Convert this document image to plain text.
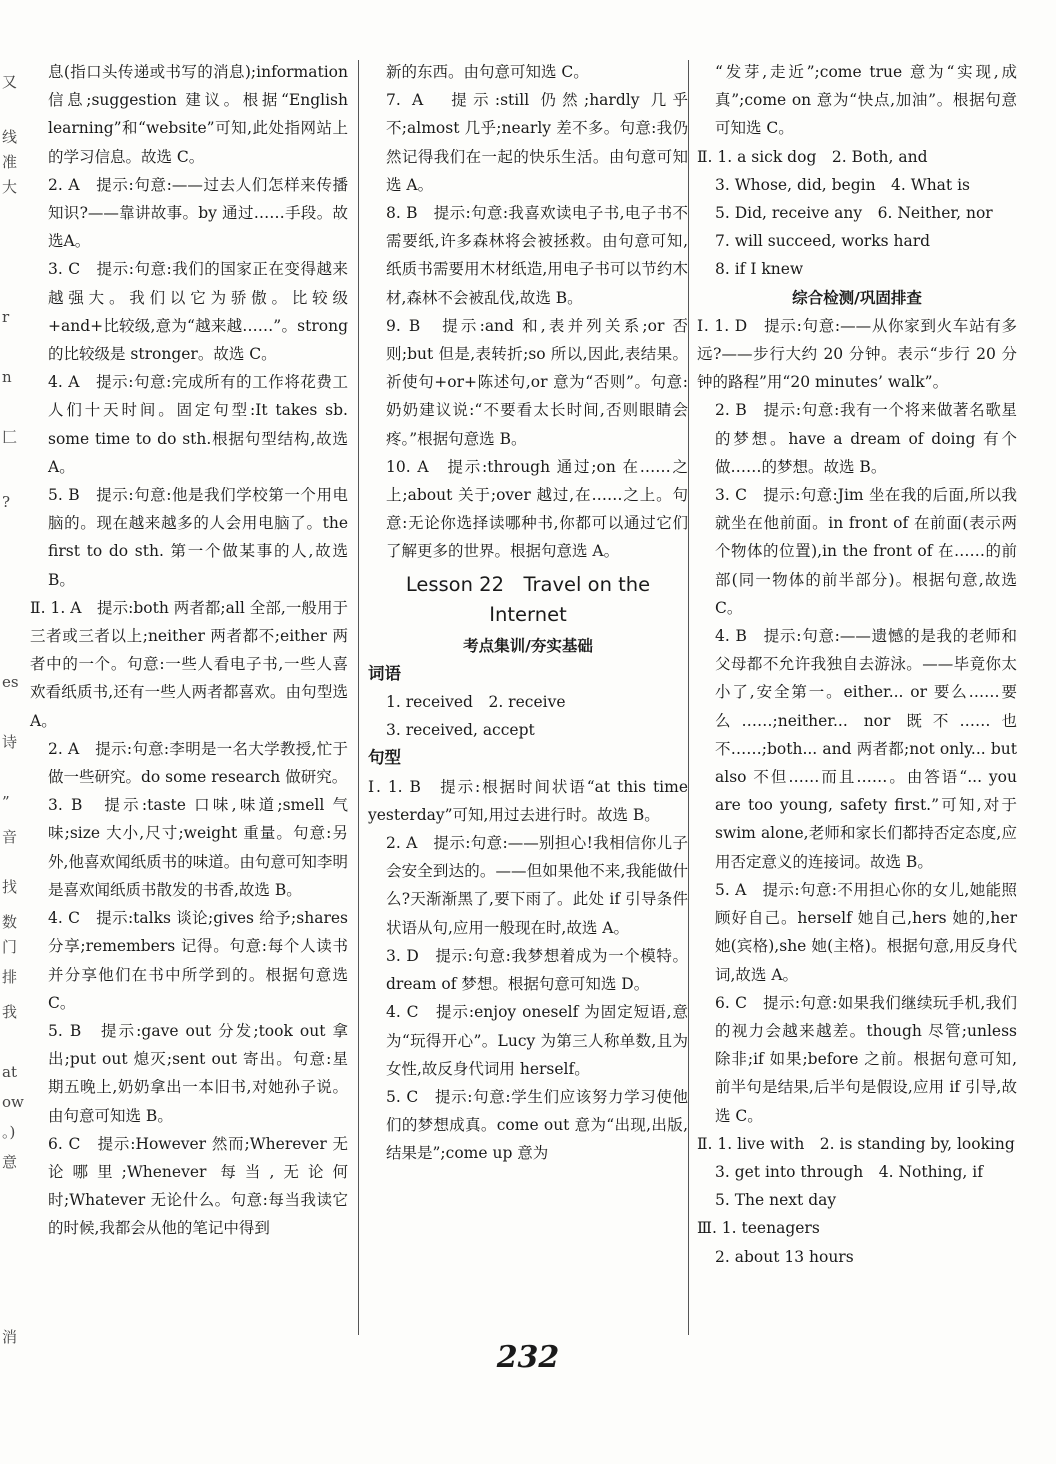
又
线
准
大
r
n
匚
?
es
诗
”
音
找
数
门
排
我
at
ow
。)
意
消

息(指口头传递或书写的消息);information 信息;suggestion 建议。根据“English learning”和“website”可知,此处指网站上的学习信息。故选 C。

2. A　提示:句意:——过去人们怎样来传播知识?——靠讲故事。by 通过……手段。故选A。

3. C　提示:句意:我们的国家正在变得越来越强大。我们以它为骄傲。比较级+and+比较级,意为“越来越……”。strong 的比较级是 stronger。故选 C。

4. A　提示:句意:完成所有的工作将花费工人们十天时间。固定句型:It takes sb. some time to do sth.根据句型结构,故选 A。

5. B　提示:句意:他是我们学校第一个用电脑的。现在越来越多的人会用电脑了。the first to do sth. 第一个做某事的人,故选 B。

Ⅱ. 1. A　提示:both 两者都;all 全部,一般用于三者或三者以上;neither 两者都不;either 两者中的一个。句意:一些人看电子书,一些人喜欢看纸质书,还有一些人两者都喜欢。由句型选 A。

2. A　提示:句意:李明是一名大学教授,忙于做一些研究。do some research 做研究。

3. B　提示:taste 口味,味道;smell 气味;size 大小,尺寸;weight 重量。句意:另外,他喜欢闻纸质书的味道。由句意可知李明是喜欢闻纸质书散发的书香,故选 B。

4. C　提示:talks 谈论;gives 给予;shares 分享;remembers 记得。句意:每个人读书并分享他们在书中所学到的。根据句意选 C。

5. B　提示:gave out 分发;took out 拿出;put out 熄灭;sent out 寄出。句意:星期五晚上,奶奶拿出一本旧书,对她孙子说。由句意可知选 B。

6. C　提示:However 然而;Wherever 无论哪里;Whenever 每当,无论何时;Whatever 无论什么。句意:每当我读它的时候,我都会从他的笔记中得到

新的东西。由句意可知选 C。

7. A　提示:still 仍然;hardly 几乎不;almost 几乎;nearly 差不多。句意:我仍然记得我们在一起的快乐生活。由句意可知选 A。

8. B　提示:句意:我喜欢读电子书,电子书不需要纸,许多森林将会被拯救。由句意可知,纸质书需要用木材纸造,用电子书可以节约木材,森林不会被乱伐,故选 B。

9. B　提示:and 和,表并列关系;or 否则;but 但是,表转折;so 所以,因此,表结果。祈使句+or+陈述句,or 意为“否则”。句意:奶奶建议说:“不要看太长时间,否则眼睛会疼。”根据句意选 B。

10. A　提示:through 通过;on 在……之上;about 关于;over 越过,在……之上。句意:无论你选择读哪种书,你都可以通过它们了解更多的世界。根据句意选 A。

Lesson 22　Travel on the Internet

考点集训/夯实基础

词语

1. received　2. receive

3. received, accept

句型

Ⅰ. 1. B　提示:根据时间状语“at this time yesterday”可知,用过去进行时。故选 B。

2. A　提示:句意:——别担心!我相信你儿子会安全到达的。——但如果他不来,我能做什么?天渐渐黑了,要下雨了。此处 if 引导条件状语从句,应用一般现在时,故选 A。

3. D　提示:句意:我梦想着成为一个模特。dream of 梦想。根据句意可知选 D。

4. C　提示:enjoy oneself 为固定短语,意为“玩得开心”。Lucy 为第三人称单数,且为女性,故反身代词用 herself。

5. C　提示:句意:学生们应该努力学习使他们的梦想成真。come out 意为“出现,出版,结果是”;come up 意为

“发芽,走近”;come true 意为“实现,成真”;come on 意为“快点,加油”。根据句意可知选 C。

Ⅱ. 1. a sick dog　2. Both, and

3. Whose, did, begin　4. What is

5. Did, receive any　6. Neither, nor

7. will succeed, works hard

8. if I knew

综合检测/巩固排查

Ⅰ. 1. D　提示:句意:——从你家到火车站有多远?——步行大约 20 分钟。表示“步行 20 分钟的路程”用“20 minutes’ walk”。

2. B　提示:句意:我有一个将来做著名歌星的梦想。have a dream of doing 有个做……的梦想。故选 B。

3. C　提示:句意:Jim 坐在我的后面,所以我就坐在他前面。in front of 在前面(表示两个物体的位置),in the front of 在……的前部(同一物体的前半部分)。根据句意,故选 C。

4. B　提示:句意:——遗憾的是我的老师和父母都不允许我独自去游泳。——毕竟你太小了,安全第一。either... or 要么……要么……;neither... nor 既不……也不……;both... and 两者都;not only... but also 不但……而且……。由答语“... you are too young, safety first.”可知,对于 swim alone,老师和家长们都持否定态度,应用否定意义的连接词。故选 B。

5. A　提示:句意:不用担心你的女儿,她能照顾好自己。herself 她自己,hers 她的,her 她(宾格),she 她(主格)。根据句意,用反身代词,故选 A。

6. C　提示:句意:如果我们继续玩手机,我们的视力会越来越差。though 尽管;unless 除非;if 如果;before 之前。根据句意可知,前半句是结果,后半句是假设,应用 if 引导,故选 C。

Ⅱ. 1. live with　2. is standing by, looking

3. get into through　4. Nothing, if

5. The next day

Ⅲ. 1. teenagers

2. about 13 hours

232
